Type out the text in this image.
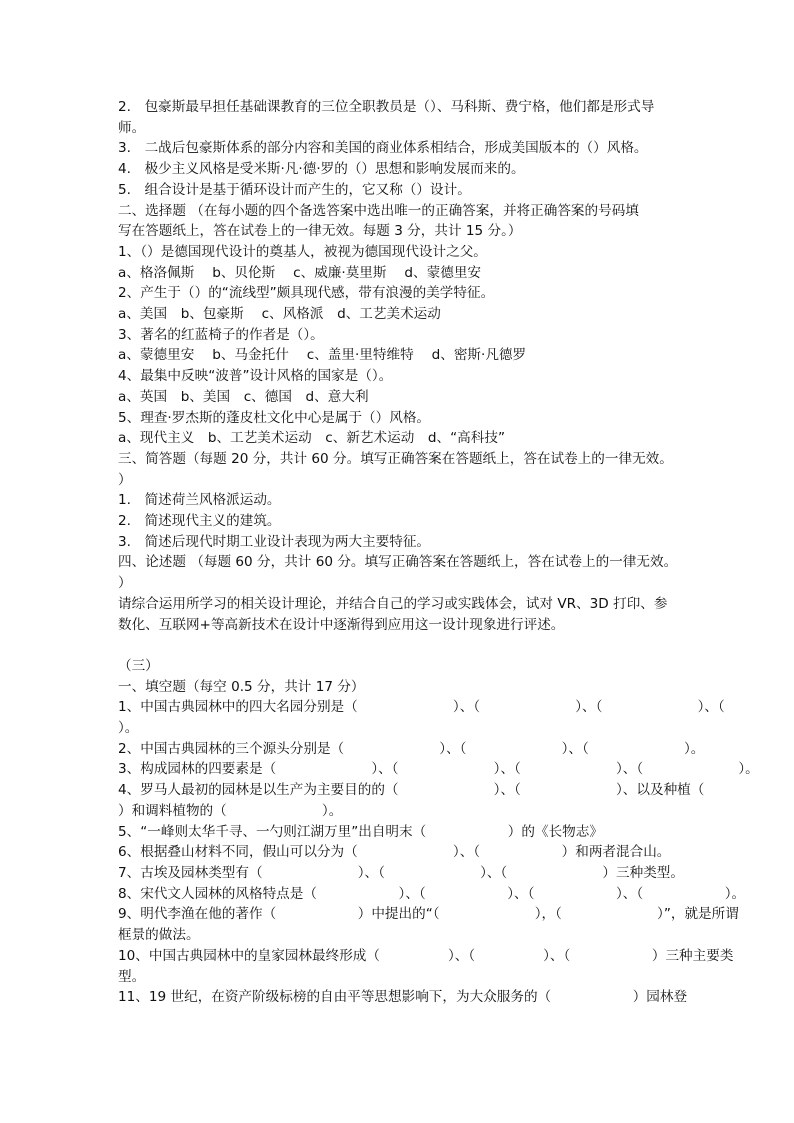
2.　包豪斯最早担任基础课教育的三位全职教员是（）、马科斯、费宁格，他们都是形式导
师。
3.　二战后包豪斯体系的部分内容和美国的商业体系相结合，形成美国版本的（）风格。
4.　极少主义风格是受米斯·凡·德·罗的（）思想和影响发展而来的。
5.　组合设计是基于循环设计而产生的，它又称（）设计。
二、选择题 （在每小题的四个备选答案中选出唯一的正确答案，并将正确答案的号码填
写在答题纸上，答在试卷上的一律无效。每题 3 分，共计 15 分。）
1、（）是德国现代设计的奠基人，被视为德国现代设计之父。
a、格洛佩斯　 b、贝伦斯　 c、威廉·莫里斯　 d、蒙德里安
2、产生于（）的“流线型”颇具现代感，带有浪漫的美学特征。
a、美国　b、包豪斯　 c、风格派　d、工艺美术运动
3、著名的红蓝椅子的作者是（）。
a、蒙德里安　 b、马金托什　 c、盖里·里特维特　 d、密斯·凡德罗
4、最集中反映“波普”设计风格的国家是（）。
a、英国　b、美国　c、德国　d、意大利
5、理查·罗杰斯的蓬皮杜文化中心是属于（）风格。
a、现代主义　b、工艺美术运动　c、新艺术运动　d、“高科技”
三、简答题（每题 20 分，共计 60 分。填写正确答案在答题纸上，答在试卷上的一律无效。
）
1.　简述荷兰风格派运动。
2.　简述现代主义的建筑。
3.　简述后现代时期工业设计表现为两大主要特征。
四、论述题 （每题 60 分，共计 60 分。填写正确答案在答题纸上，答在试卷上的一律无效。
）
请综合运用所学习的相关设计理论，并结合自己的学习或实践体会，试对 VR、3D 打印、参
数化、互联网+等高新技术在设计中逐渐得到应用这一设计现象进行评述。
（三）
一、填空题（每空 0.5 分，共计 17 分）
1、中国古典园林中的四大名园分别是（　　　　　　　）、（　　　　　　　）、（　　　　　　　）、（
）。
2、中国古典园林的三个源头分别是（　　　　　　　）、（　　　　　　　）、（　　　　　　　）。
3、构成园林的四要素是（　　　　　　　）、（　　　　　　　）、（　　　　　　　）、（　　　　　　　）。
4、罗马人最初的园林是以生产为主要目的的（　　　　　　　）、（　　　　　　　）、以及种植（
）和调料植物的（　　　　　　　）。
5、“一峰则太华千寻、一勺则江湖万里”出自明末（　　　　　　）的《长物志》
6、根据叠山材料不同，假山可以分为（　　　　　　　）、（　　　　　　）和两者混合山。
7、古埃及园林类型有（　　　　　　　）、（　　　　　　　）、（　　　　　　　）三种类型。
8、宋代文人园林的风格特点是（　　　　　　）、（　　　　　　）、（　　　　　　）、（　　　　　　）。
9、明代李渔在他的著作（　　　　　　）中提出的“（　　　　　　　），（　　　　　　　）”，就是所谓
框景的做法。
10、中国古典园林中的皇家园林最终形成（　　　　　）、（　　　　　）、（　　　　　　）三种主要类
型。
11、19 世纪，在资产阶级标榜的自由平等思想影响下，为大众服务的（　　　　　　）园林登
